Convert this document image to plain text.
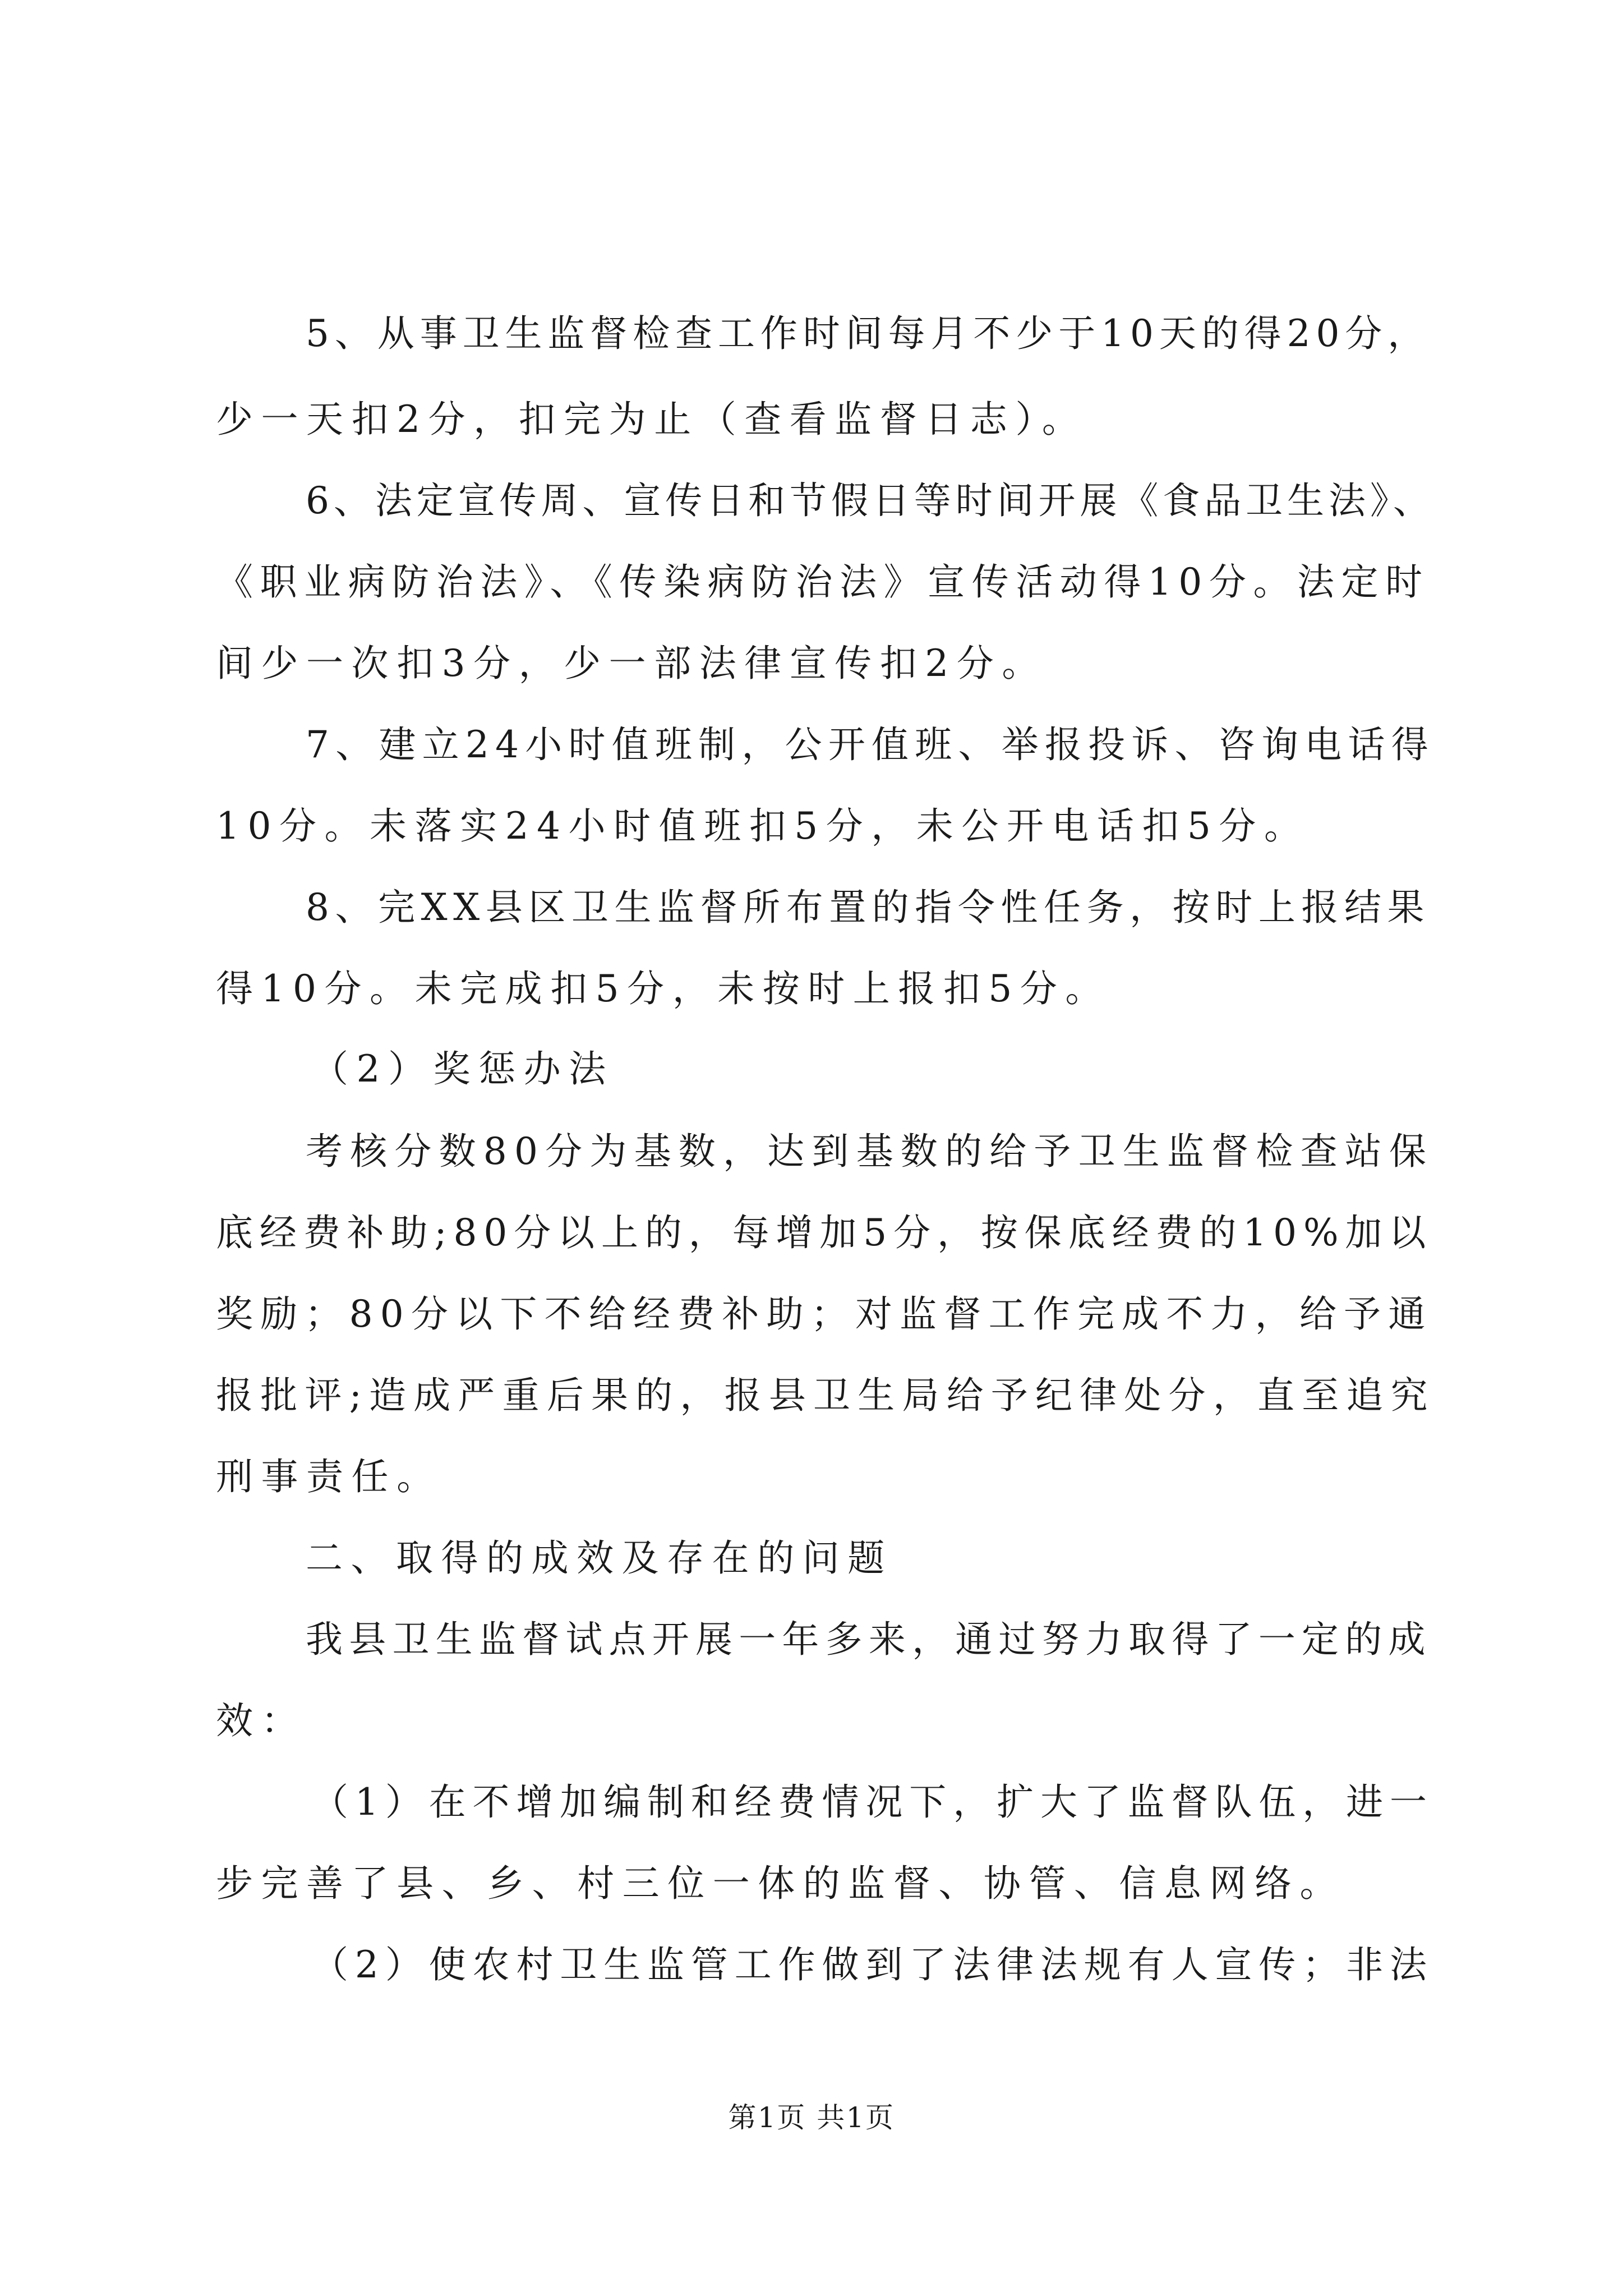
5、从事卫生监督检查工作时间每月不少于10天的得20分，

少一天扣2分，扣完为止（查看监督日志）。

6、法定宣传周、宣传日和节假日等时间开展《食品卫生法》、

《职业病防治法》、《传染病防治法》宣传活动得10分。法定时

间少一次扣3分，少一部法律宣传扣2分。

7、建立24小时值班制，公开值班、举报投诉、咨询电话得

10分。未落实24小时值班扣5分，未公开电话扣5分。

8、完XX县区卫生监督所布置的指令性任务，按时上报结果

得10分。未完成扣5分，未按时上报扣5分。

（2）奖惩办法

考核分数80分为基数，达到基数的给予卫生监督检查站保

底经费补助;80分以上的，每增加5分，按保底经费的10%加以

奖励；80分以下不给经费补助；对监督工作完成不力，给予通

报批评;造成严重后果的，报县卫生局给予纪律处分，直至追究

刑事责任。

二、取得的成效及存在的问题

我县卫生监督试点开展一年多来，通过努力取得了一定的成

效：

（1）在不增加编制和经费情况下，扩大了监督队伍，进一

步完善了县、乡、村三位一体的监督、协管、信息网络。

（2）使农村卫生监管工作做到了法律法规有人宣传；非法

第1页 共1页
